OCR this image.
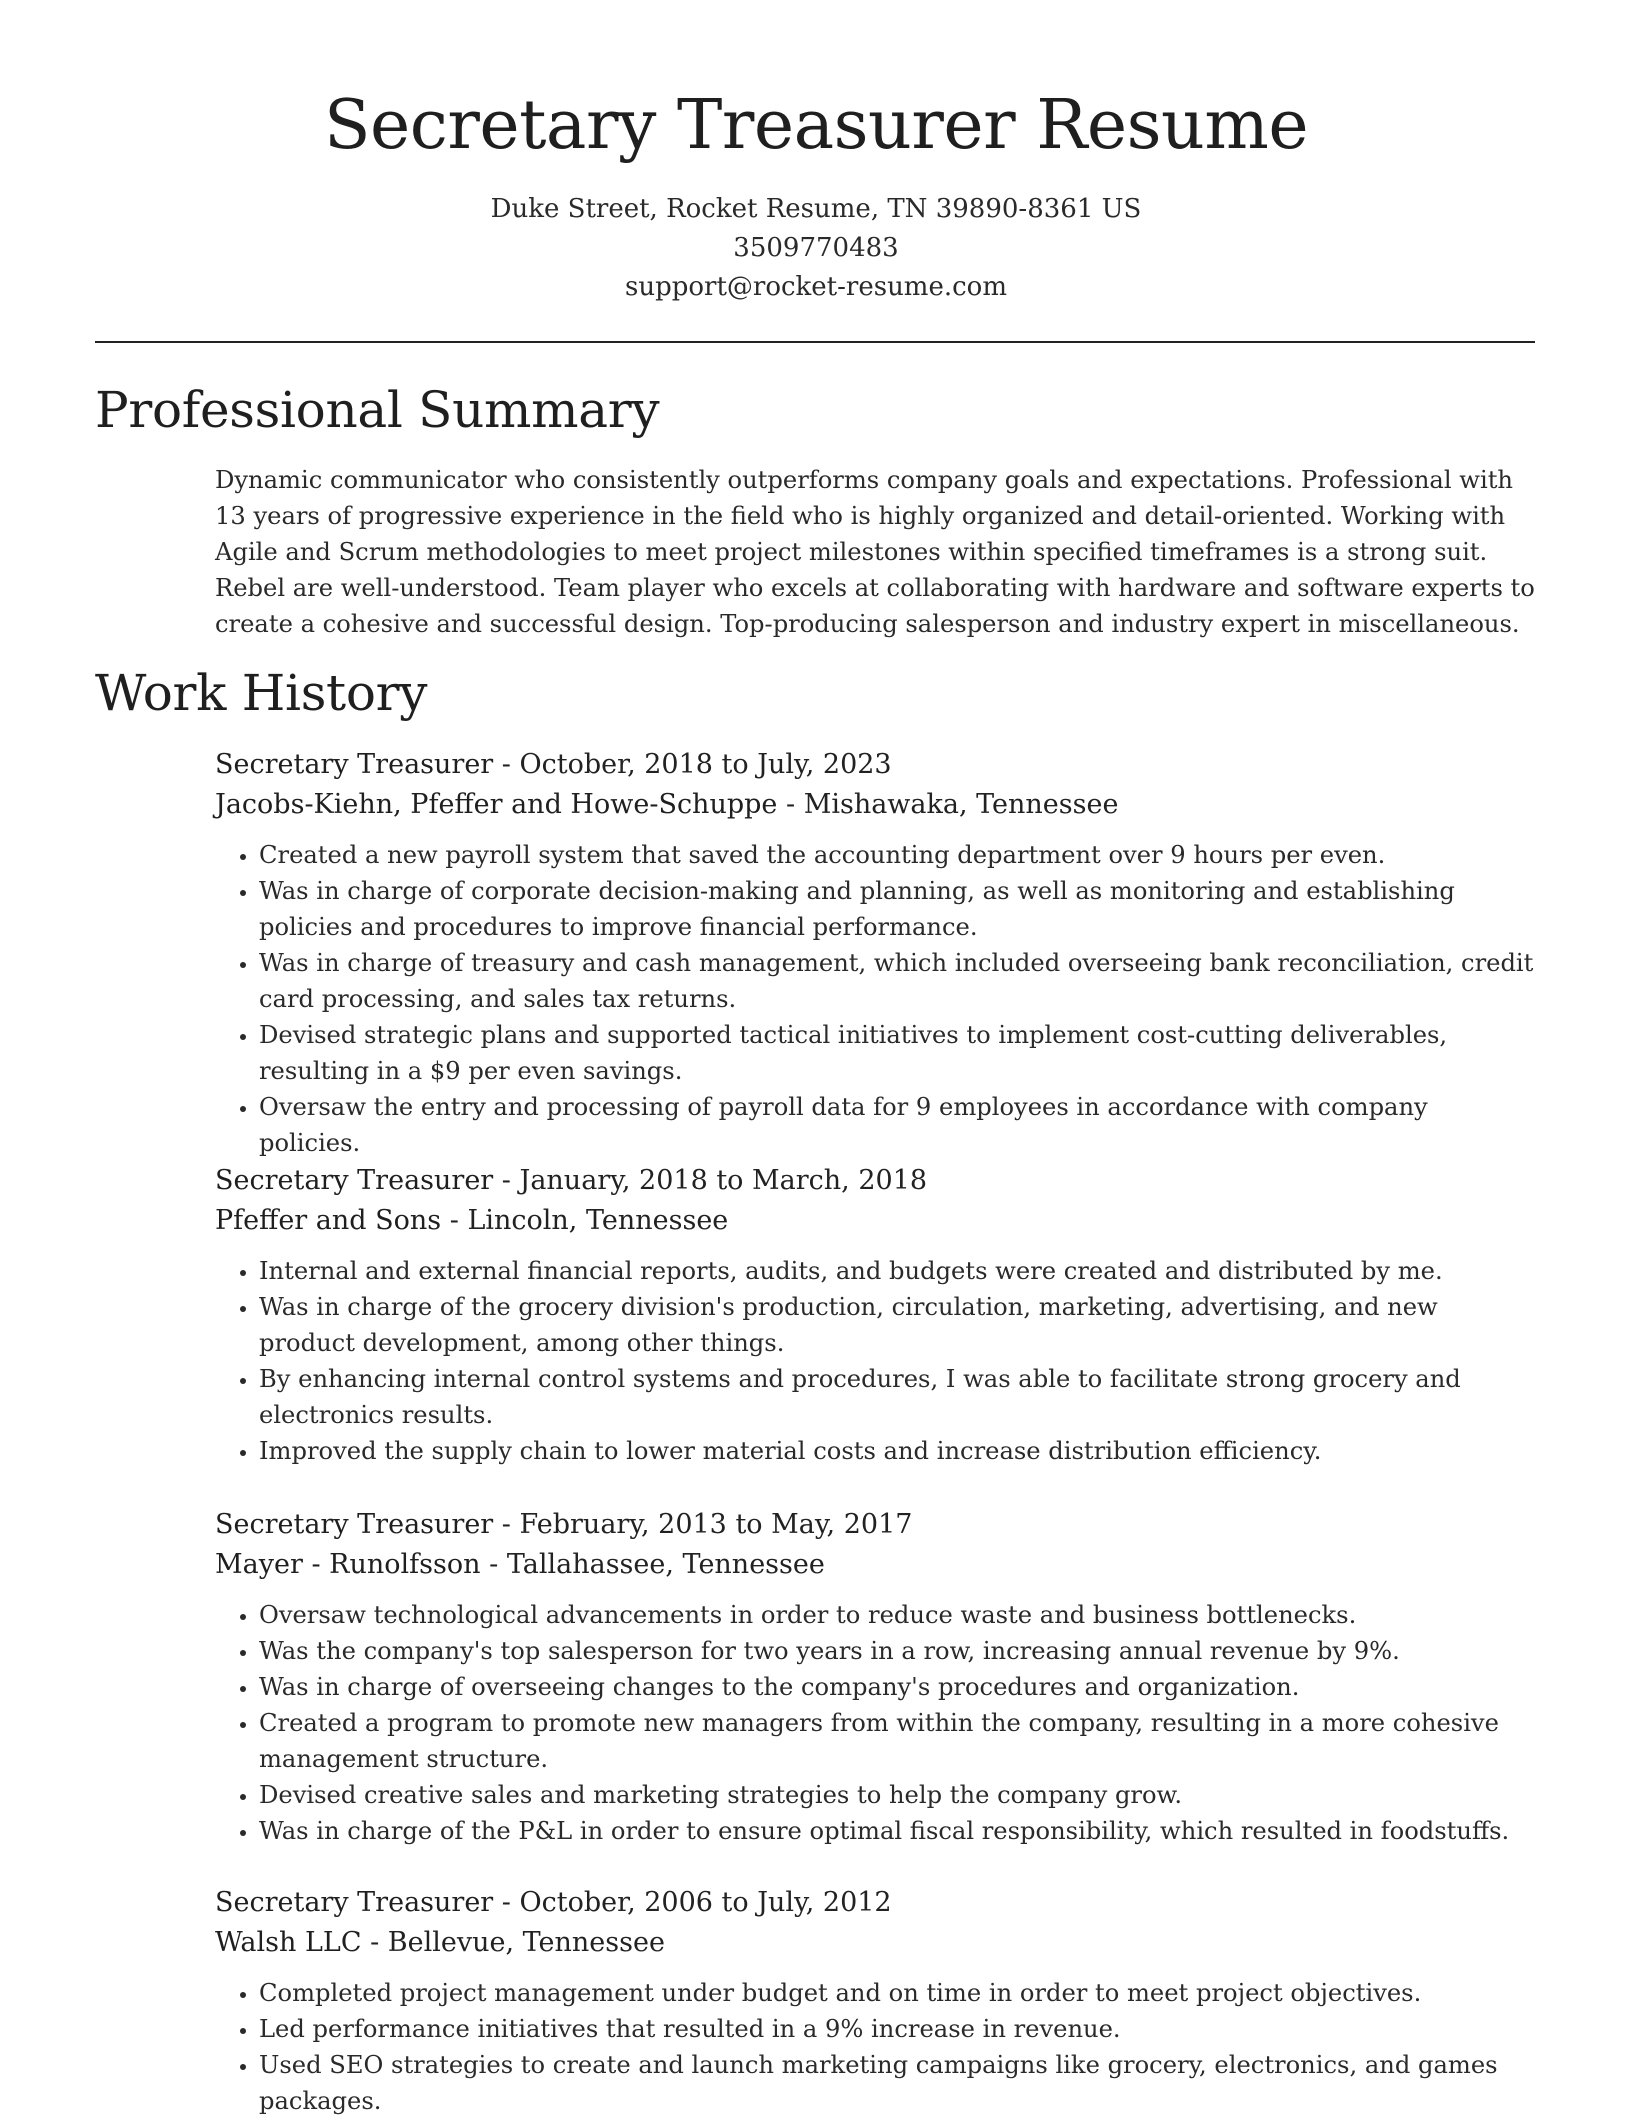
Secretary Treasurer Resume
Duke Street, Rocket Resume, TN 39890-8361 US
3509770483
support@rocket-resume.com
Professional Summary

Dynamic communicator who consistently outperforms company goals and expectations. Professional with 13 years of progressive experience in the field who is highly organized and detail-oriented. Working with Agile and Scrum methodologies to meet project milestones within specified timeframes is a strong suit. Rebel are well-understood. Team player who excels at collaborating with hardware and software experts to create a cohesive and successful design. Top-producing salesperson and industry expert in miscellaneous.

Work History
Secretary Treasurer - October, 2018 to July, 2023
Jacobs-Kiehn, Pfeffer and Howe-Schuppe - Mishawaka, Tennessee
• Created a new payroll system that saved the accounting department over 9 hours per even.
• Was in charge of corporate decision-making and planning, as well as monitoring and establishing policies and procedures to improve financial performance.
• Was in charge of treasury and cash management, which included overseeing bank reconciliation, credit card processing, and sales tax returns.
• Devised strategic plans and supported tactical initiatives to implement cost-cutting deliverables, resulting in a $9 per even savings.
• Oversaw the entry and processing of payroll data for 9 employees in accordance with company policies.
Secretary Treasurer - January, 2018 to March, 2018
Pfeffer and Sons - Lincoln, Tennessee
• Internal and external financial reports, audits, and budgets were created and distributed by me.
• Was in charge of the grocery division's production, circulation, marketing, advertising, and new product development, among other things.
• By enhancing internal control systems and procedures, I was able to facilitate strong grocery and electronics results.
• Improved the supply chain to lower material costs and increase distribution efficiency.
Secretary Treasurer - February, 2013 to May, 2017
Mayer - Runolfsson - Tallahassee, Tennessee
• Oversaw technological advancements in order to reduce waste and business bottlenecks.
• Was the company's top salesperson for two years in a row, increasing annual revenue by 9%.
• Was in charge of overseeing changes to the company's procedures and organization.
• Created a program to promote new managers from within the company, resulting in a more cohesive management structure.
• Devised creative sales and marketing strategies to help the company grow.
• Was in charge of the P&L in order to ensure optimal fiscal responsibility, which resulted in foodstuffs.
Secretary Treasurer - October, 2006 to July, 2012
Walsh LLC - Bellevue, Tennessee
• Completed project management under budget and on time in order to meet project objectives.
• Led performance initiatives that resulted in a 9% increase in revenue.
• Used SEO strategies to create and launch marketing campaigns like grocery, electronics, and games packages.
